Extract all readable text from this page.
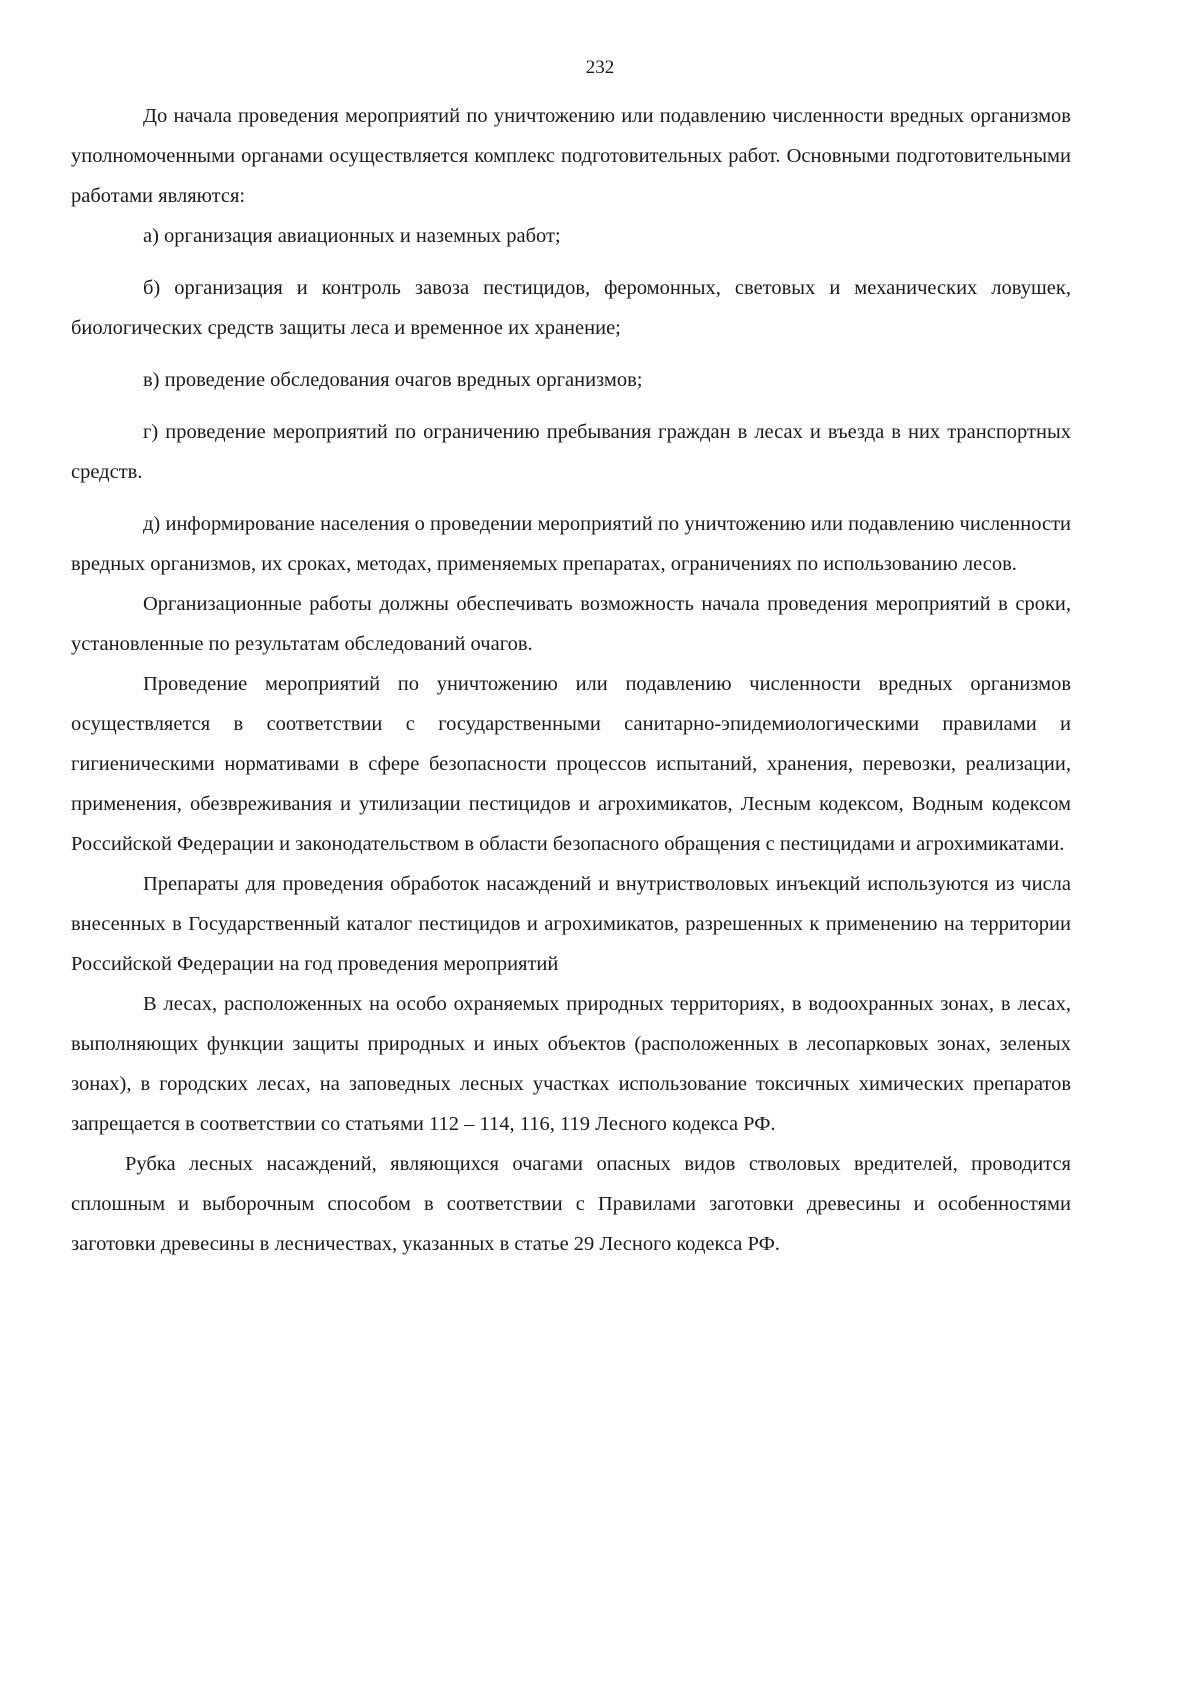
232

До начала проведения мероприятий по уничтожению или подавлению численности вредных организмов уполномоченными органами осуществляется комплекс подготовительных работ. Основными подготовительными работами являются:

а) организация авиационных и наземных работ;

б) организация и контроль завоза пестицидов, феромонных, световых и механических ловушек, биологических средств защиты леса и временное их хранение;

в) проведение обследования очагов вредных организмов;

г) проведение мероприятий по ограничению пребывания граждан в лесах и въезда в них транспортных средств.

д) информирование населения о проведении мероприятий по уничтожению или подавлению численности вредных организмов, их сроках, методах, применяемых препаратах, ограничениях по использованию лесов.

Организационные работы должны обеспечивать возможность начала проведения мероприятий в сроки, установленные по результатам обследований очагов.

Проведение мероприятий по уничтожению или подавлению численности вредных организмов осуществляется в соответствии с государственными санитарно-эпидемиологическими правилами и гигиеническими нормативами в сфере безопасности процессов испытаний, хранения, перевозки, реализации, применения, обезвреживания и утилизации пестицидов и агрохимикатов, Лесным кодексом, Водным кодексом Российской Федерации и законодательством в области безопасного обращения с пестицидами и агрохимикатами.

Препараты для проведения обработок насаждений и внутристволовых инъекций используются из числа внесенных в Государственный каталог пестицидов и агрохимикатов, разрешенных к применению на территории Российской Федерации на год проведения мероприятий

В лесах, расположенных на особо охраняемых природных территориях, в водоохранных зонах, в лесах, выполняющих функции защиты природных и иных объектов (расположенных в лесопарковых зонах, зеленых зонах), в городских лесах, на заповедных лесных участках использование токсичных химических препаратов запрещается в соответствии со статьями 112 – 114, 116, 119 Лесного кодекса РФ.

Рубка лесных насаждений, являющихся очагами опасных видов стволовых вредителей, проводится сплошным и выборочным способом в соответствии с Правилами заготовки древесины и особенностями заготовки древесины в лесничествах, указанных в статье 29 Лесного кодекса РФ.
